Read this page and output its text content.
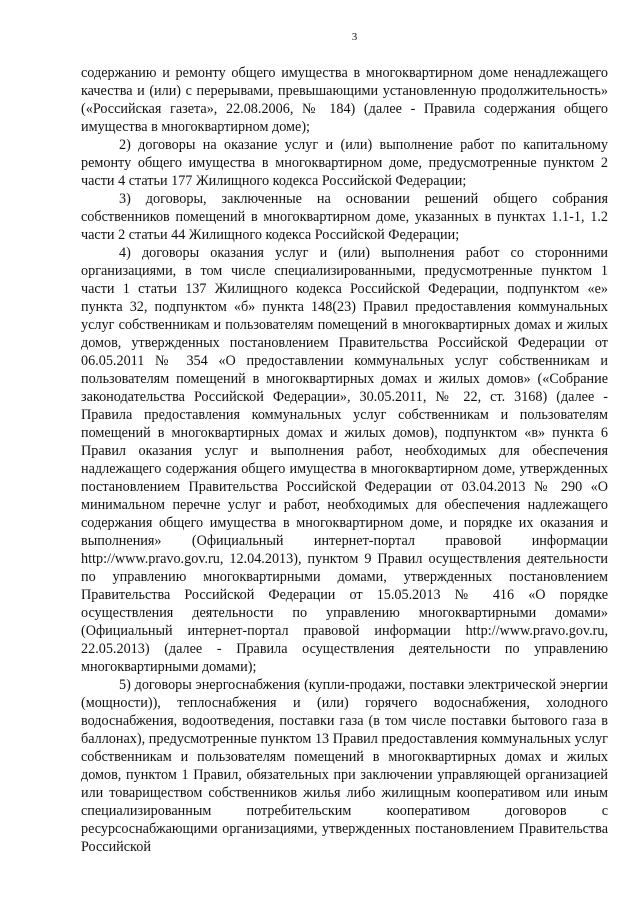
3

содержанию и ремонту общего имущества в многоквартирном доме ненадлежащего качества и (или) с перерывами, превышающими установленную продолжительность» («Российская газета», 22.08.2006, № 184) (далее - Правила содержания общего имущества в многоквартирном доме);

2) договоры на оказание услуг и (или) выполнение работ по капитальному ремонту общего имущества в многоквартирном доме, предусмотренные пунктом 2 части 4 статьи 177 Жилищного кодекса Российской Федерации;

3) договоры, заключенные на основании решений общего собрания собственников помещений в многоквартирном доме, указанных в пунктах 1.1-1, 1.2 части 2 статьи 44 Жилищного кодекса Российской Федерации;

4) договоры оказания услуг и (или) выполнения работ со сторонними организациями, в том числе специализированными, предусмотренные пунктом 1 части 1 статьи 137 Жилищного кодекса Российской Федерации, подпунктом «е» пункта 32, подпунктом «б» пункта 148(23) Правил предоставления коммунальных услуг собственникам и пользователям помещений в многоквартирных домах и жилых домов, утвержденных постановлением Правительства Российской Федерации от 06.05.2011 № 354 «О предоставлении коммунальных услуг собственникам и пользователям помещений в многоквартирных домах и жилых домов» («Собрание законодательства Российской Федерации», 30.05.2011, № 22, ст. 3168) (далее - Правила предоставления коммунальных услуг собственникам и пользователям помещений в многоквартирных домах и жилых домов), подпунктом «в» пункта 6 Правил оказания услуг и выполнения работ, необходимых для обеспечения надлежащего содержания общего имущества в многоквартирном доме, утвержденных постановлением Правительства Российской Федерации от 03.04.2013 № 290 «О минимальном перечне услуг и работ, необходимых для обеспечения надлежащего содержания общего имущества в многоквартирном доме, и порядке их оказания и выполнения» (Официальный интернет-портал правовой информации http://www.pravo.gov.ru, 12.04.2013), пунктом 9 Правил осуществления деятельности по управлению многоквартирными домами, утвержденных постановлением Правительства Российской Федерации от 15.05.2013 № 416 «О порядке осуществления деятельности по управлению многоквартирными домами» (Официальный интернет-портал правовой информации http://www.pravo.gov.ru, 22.05.2013) (далее - Правила осуществления деятельности по управлению многоквартирными домами);

5) договоры энергоснабжения (купли-продажи, поставки электрической энергии (мощности)), теплоснабжения и (или) горячего водоснабжения, холодного водоснабжения, водоотведения, поставки газа (в том числе поставки бытового газа в баллонах), предусмотренные пунктом 13 Правил предоставления коммунальных услуг собственникам и пользователям помещений в многоквартирных домах и жилых домов, пунктом 1 Правил, обязательных при заключении управляющей организацией или товариществом собственников жилья либо жилищным кооперативом или иным специализированным потребительским кооперативом договоров с ресурсоснабжающими организациями, утвержденных постановлением Правительства Российской
